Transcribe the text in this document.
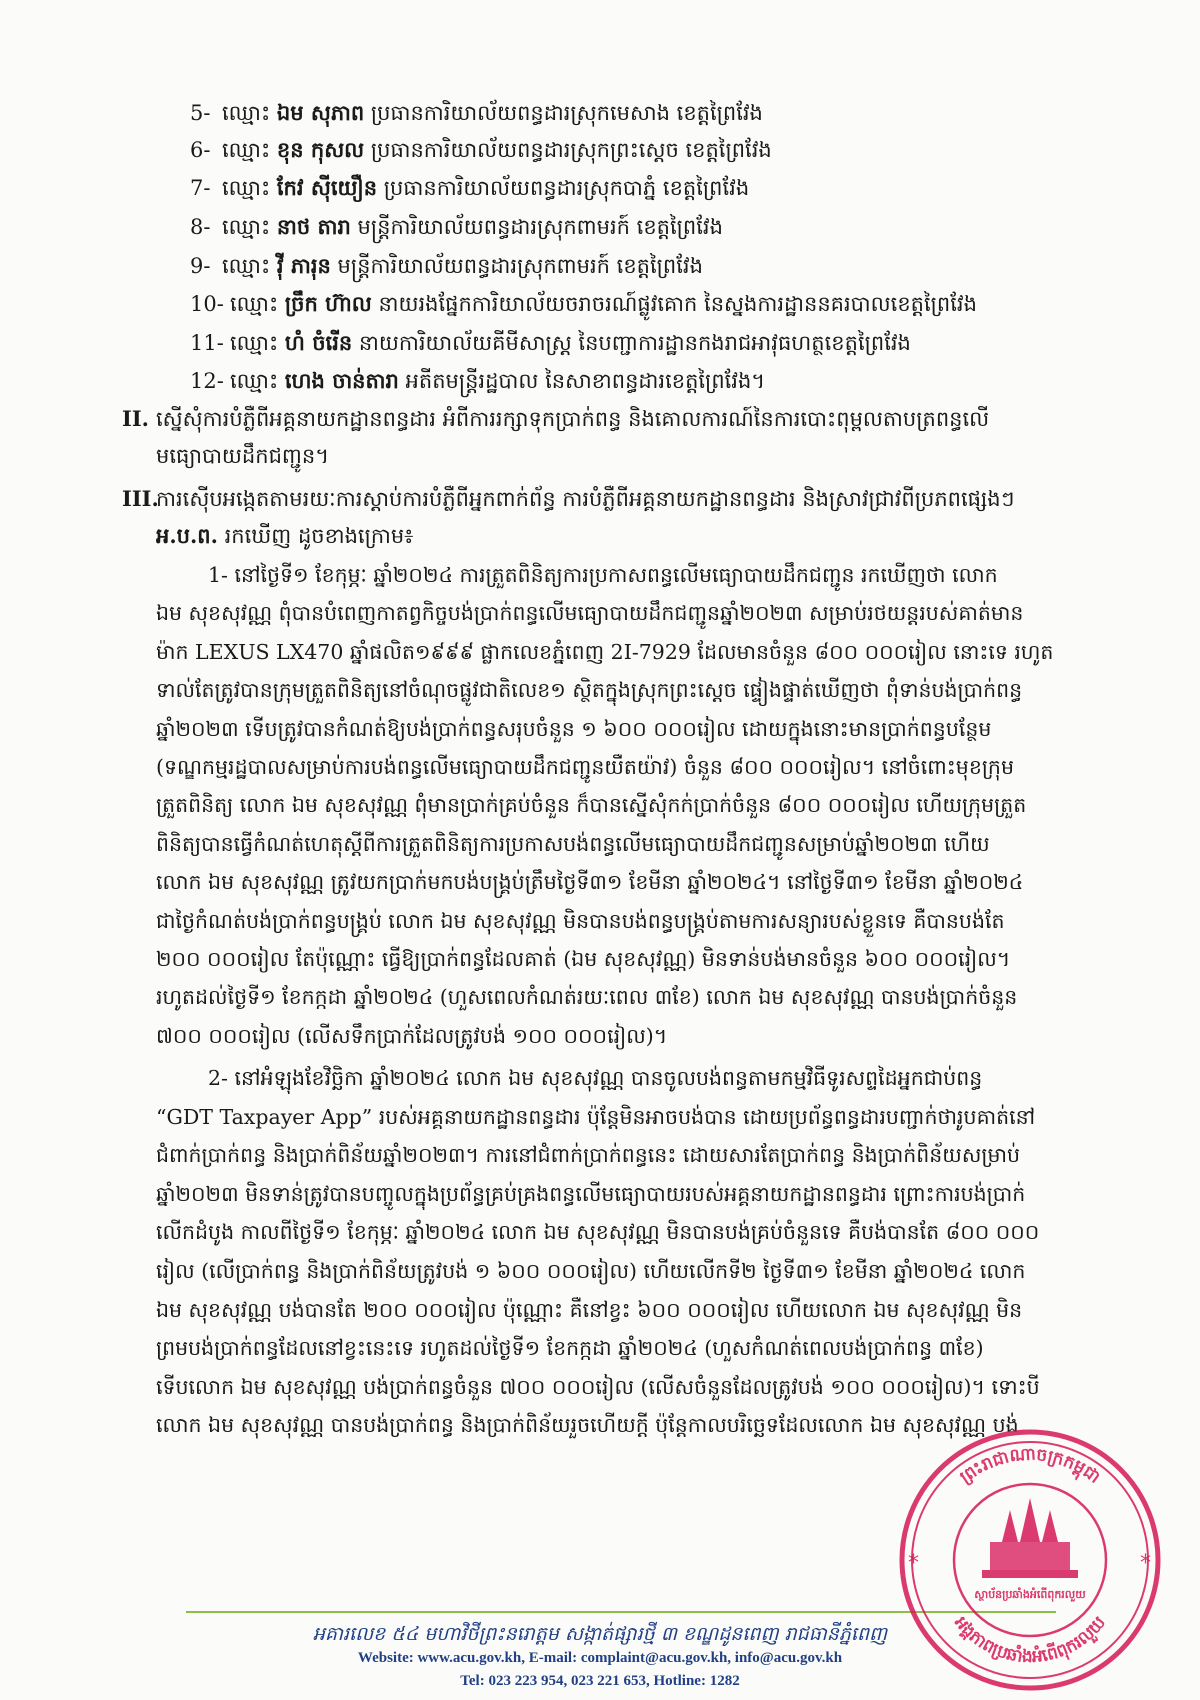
5- ឈ្មោះ ឯម សុភាព ប្រធានការិយាល័យពន្ធដារស្រុកមេសាង ខេត្តព្រៃវែង
6- ឈ្មោះ ខុន កុសល ប្រធានការិយាល័យពន្ធដារស្រុកព្រះស្ដេច ខេត្តព្រៃវែង
7- ឈ្មោះ កែវ ស៊ីយឿន ប្រធានការិយាល័យពន្ធដារស្រុកបាភ្នំ ខេត្តព្រៃវែង
8- ឈ្មោះ នាថ តារា មន្ត្រីការិយាល័យពន្ធដារស្រុកពាមរក៍ ខេត្តព្រៃវែង
9- ឈ្មោះ វ៉ី ភារុន មន្ត្រីការិយាល័យពន្ធដារស្រុកពាមរក៍ ខេត្តព្រៃវែង
10- ឈ្មោះ ច្រឹក ហ៊ាល នាយរងផ្នែកការិយាល័យចរាចរណ៍ផ្លូវគោក នៃស្នងការដ្ឋាននគរបាលខេត្តព្រៃវែង
11- ឈ្មោះ ហំ ចំរើន នាយការិយាល័យគីមីសាស្ត្រ នៃបញ្ជាការដ្ឋានកងរាជអាវុធហត្ថខេត្តព្រៃវែង
12- ឈ្មោះ ហេង ចាន់តារា អតីតមន្ត្រីរដ្ឋបាល នៃសាខាពន្ធដារខេត្តព្រៃវែង។
II. ស្នើសុំការបំភ្លឺពីអគ្គនាយកដ្ឋានពន្ធដារ អំពីការរក្សាទុកប្រាក់ពន្ធ និងគោលការណ៍នៃការបោះពុម្ពលតាបត្រពន្ធលើ
មធ្យោបាយដឹកជញ្ជូន។
III.ការស៊ើបអង្កេតតាមរយៈការស្ដាប់ការបំភ្លឺពីអ្នកពាក់ព័ន្ធ ការបំភ្លឺពីអគ្គនាយកដ្ឋានពន្ធដារ និងស្រាវជ្រាវពីប្រភពផ្សេងៗ
អ.ប.ព. រកឃើញ ដូចខាងក្រោម៖
1- នៅថ្ងៃទី១ ខែកុម្ភៈ ឆ្នាំ២០២៤ ការត្រួតពិនិត្យការប្រកាសពន្ធលើមធ្យោបាយដឹកជញ្ជូន រកឃើញថា លោក
ឯម សុខសុវណ្ណ ពុំបានបំពេញកាតព្វកិច្ចបង់ប្រាក់ពន្ធលើមធ្យោបាយដឹកជញ្ជូនឆ្នាំ២០២៣ សម្រាប់រថយន្តរបស់គាត់មាន
ម៉ាក LEXUS LX470 ឆ្នាំផលិត១៩៩៩ ផ្លាកលេខភ្នំពេញ 2I-7929 ដែលមានចំនួន ៨០០ ០០០រៀល នោះទេ រហូត
ទាល់តែត្រូវបានក្រុមត្រួតពិនិត្យនៅចំណុចផ្លូវជាតិលេខ១ ស្ថិតក្នុងស្រុកព្រះស្ដេច ផ្ទៀងផ្ទាត់ឃើញថា ពុំទាន់បង់ប្រាក់ពន្ធ
ឆ្នាំ២០២៣ ទើបត្រូវបានកំណត់ឱ្យបង់ប្រាក់ពន្ធសរុបចំនួន ១ ៦០០ ០០០រៀល ដោយក្នុងនោះមានប្រាក់ពន្ធបន្ថែម
(ទណ្ឌកម្មរដ្ឋបាលសម្រាប់ការបង់ពន្ធលើមធ្យោបាយដឹកជញ្ជូនយឺតយ៉ាវ) ចំនួន ៨០០ ០០០រៀល។ នៅចំពោះមុខក្រុម
ត្រួតពិនិត្យ លោក ឯម សុខសុវណ្ណ ពុំមានប្រាក់គ្រប់ចំនួន ក៏បានស្នើសុំកក់ប្រាក់ចំនួន ៨០០ ០០០រៀល ហើយក្រុមត្រួត
ពិនិត្យបានធ្វើកំណត់ហេតុស្ដីពីការត្រួតពិនិត្យការប្រកាសបង់ពន្ធលើមធ្យោបាយដឹកជញ្ជូនសម្រាប់ឆ្នាំ២០២៣ ហើយ
លោក ឯម សុខសុវណ្ណ ត្រូវយកប្រាក់មកបង់បង្គ្រប់ត្រឹមថ្ងៃទី៣១ ខែមីនា ឆ្នាំ២០២៤។ នៅថ្ងៃទី៣១ ខែមីនា ឆ្នាំ២០២៤
ជាថ្ងៃកំណត់បង់ប្រាក់ពន្ធបង្គ្រប់ លោក ឯម សុខសុវណ្ណ មិនបានបង់ពន្ធបង្គ្រប់តាមការសន្យារបស់ខ្លួនទេ គឺបានបង់តែ
២០០ ០០០រៀល តែប៉ុណ្ណោះ ធ្វើឱ្យប្រាក់ពន្ធដែលគាត់ (ឯម សុខសុវណ្ណ) មិនទាន់បង់មានចំនួន ៦០០ ០០០រៀល។
រហូតដល់ថ្ងៃទី១ ខែកក្កដា ឆ្នាំ២០២៤ (ហួសពេលកំណត់រយៈពេល ៣ខែ) លោក ឯម សុខសុវណ្ណ បានបង់ប្រាក់ចំនួន
៧០០ ០០០រៀល (លើសទឹកប្រាក់ដែលត្រូវបង់ ១០០ ០០០រៀល)។
2- នៅអំឡុងខែវិច្ឆិកា ឆ្នាំ២០២៤ លោក ឯម សុខសុវណ្ណ បានចូលបង់ពន្ធតាមកម្មវិធីទូរសព្ទដៃអ្នកជាប់ពន្ធ
“GDT Taxpayer App” របស់អគ្គនាយកដ្ឋានពន្ធដារ ប៉ុន្តែមិនអាចបង់បាន ដោយប្រព័ន្ធពន្ធដារបញ្ជាក់ថារូបគាត់នៅ
ជំពាក់ប្រាក់ពន្ធ និងប្រាក់ពិន័យឆ្នាំ២០២៣។ ការនៅជំពាក់ប្រាក់ពន្ធនេះ ដោយសារតែប្រាក់ពន្ធ និងប្រាក់ពិន័យសម្រាប់
ឆ្នាំ២០២៣ មិនទាន់ត្រូវបានបញ្ចូលក្នុងប្រព័ន្ធគ្រប់គ្រងពន្ធលើមធ្យោបាយរបស់អគ្គនាយកដ្ឋានពន្ធដារ ព្រោះការបង់ប្រាក់
លើកដំបូង កាលពីថ្ងៃទី១ ខែកុម្ភៈ ឆ្នាំ២០២៤ លោក ឯម សុខសុវណ្ណ មិនបានបង់គ្រប់ចំនួនទេ គឺបង់បានតែ ៨០០ ០០០
រៀល (លើប្រាក់ពន្ធ និងប្រាក់ពិន័យត្រូវបង់ ១ ៦០០ ០០០រៀល) ហើយលើកទី២ ថ្ងៃទី៣១ ខែមីនា ឆ្នាំ២០២៤ លោក
ឯម សុខសុវណ្ណ បង់បានតែ ២០០ ០០០រៀល ប៉ុណ្ណោះ គឺនៅខ្វះ ៦០០ ០០០រៀល ហើយលោក ឯម សុខសុវណ្ណ មិន
ព្រមបង់ប្រាក់ពន្ធដែលនៅខ្វះនេះទេ រហូតដល់ថ្ងៃទី១ ខែកក្កដា ឆ្នាំ២០២៤ (ហួសកំណត់ពេលបង់ប្រាក់ពន្ធ ៣ខែ)
ទើបលោក ឯម សុខសុវណ្ណ បង់ប្រាក់ពន្ធចំនួន ៧០០ ០០០រៀល (លើសចំនួនដែលត្រូវបង់ ១០០ ០០០រៀល)។ ទោះបី
លោក ឯម សុខសុវណ្ណ បានបង់ប្រាក់ពន្ធ និងប្រាក់ពិន័យរួចហើយក្ដី ប៉ុន្តែកាលបរិច្ឆេទដែលលោក ឯម សុខសុវណ្ណ បង់
អគារលេខ ៥៤ មហាវិថីព្រះនរោត្តម សង្កាត់ផ្សារថ្មី ៣ ខណ្ឌដូនពេញ រាជធានីភ្នំពេញ
Website: www.acu.gov.kh, E-mail: complaint@acu.gov.kh, info@acu.gov.kh
Tel: 023 223 954, 023 221 653, Hotline: 1282
ព្រះរាជាណាចក្រកម្ពុជា
អង្គភាពប្រឆាំងអំពើពុករលួយ
ស្ថាប័នប្រឆាំងអំពើពុករលួយ
*	*
